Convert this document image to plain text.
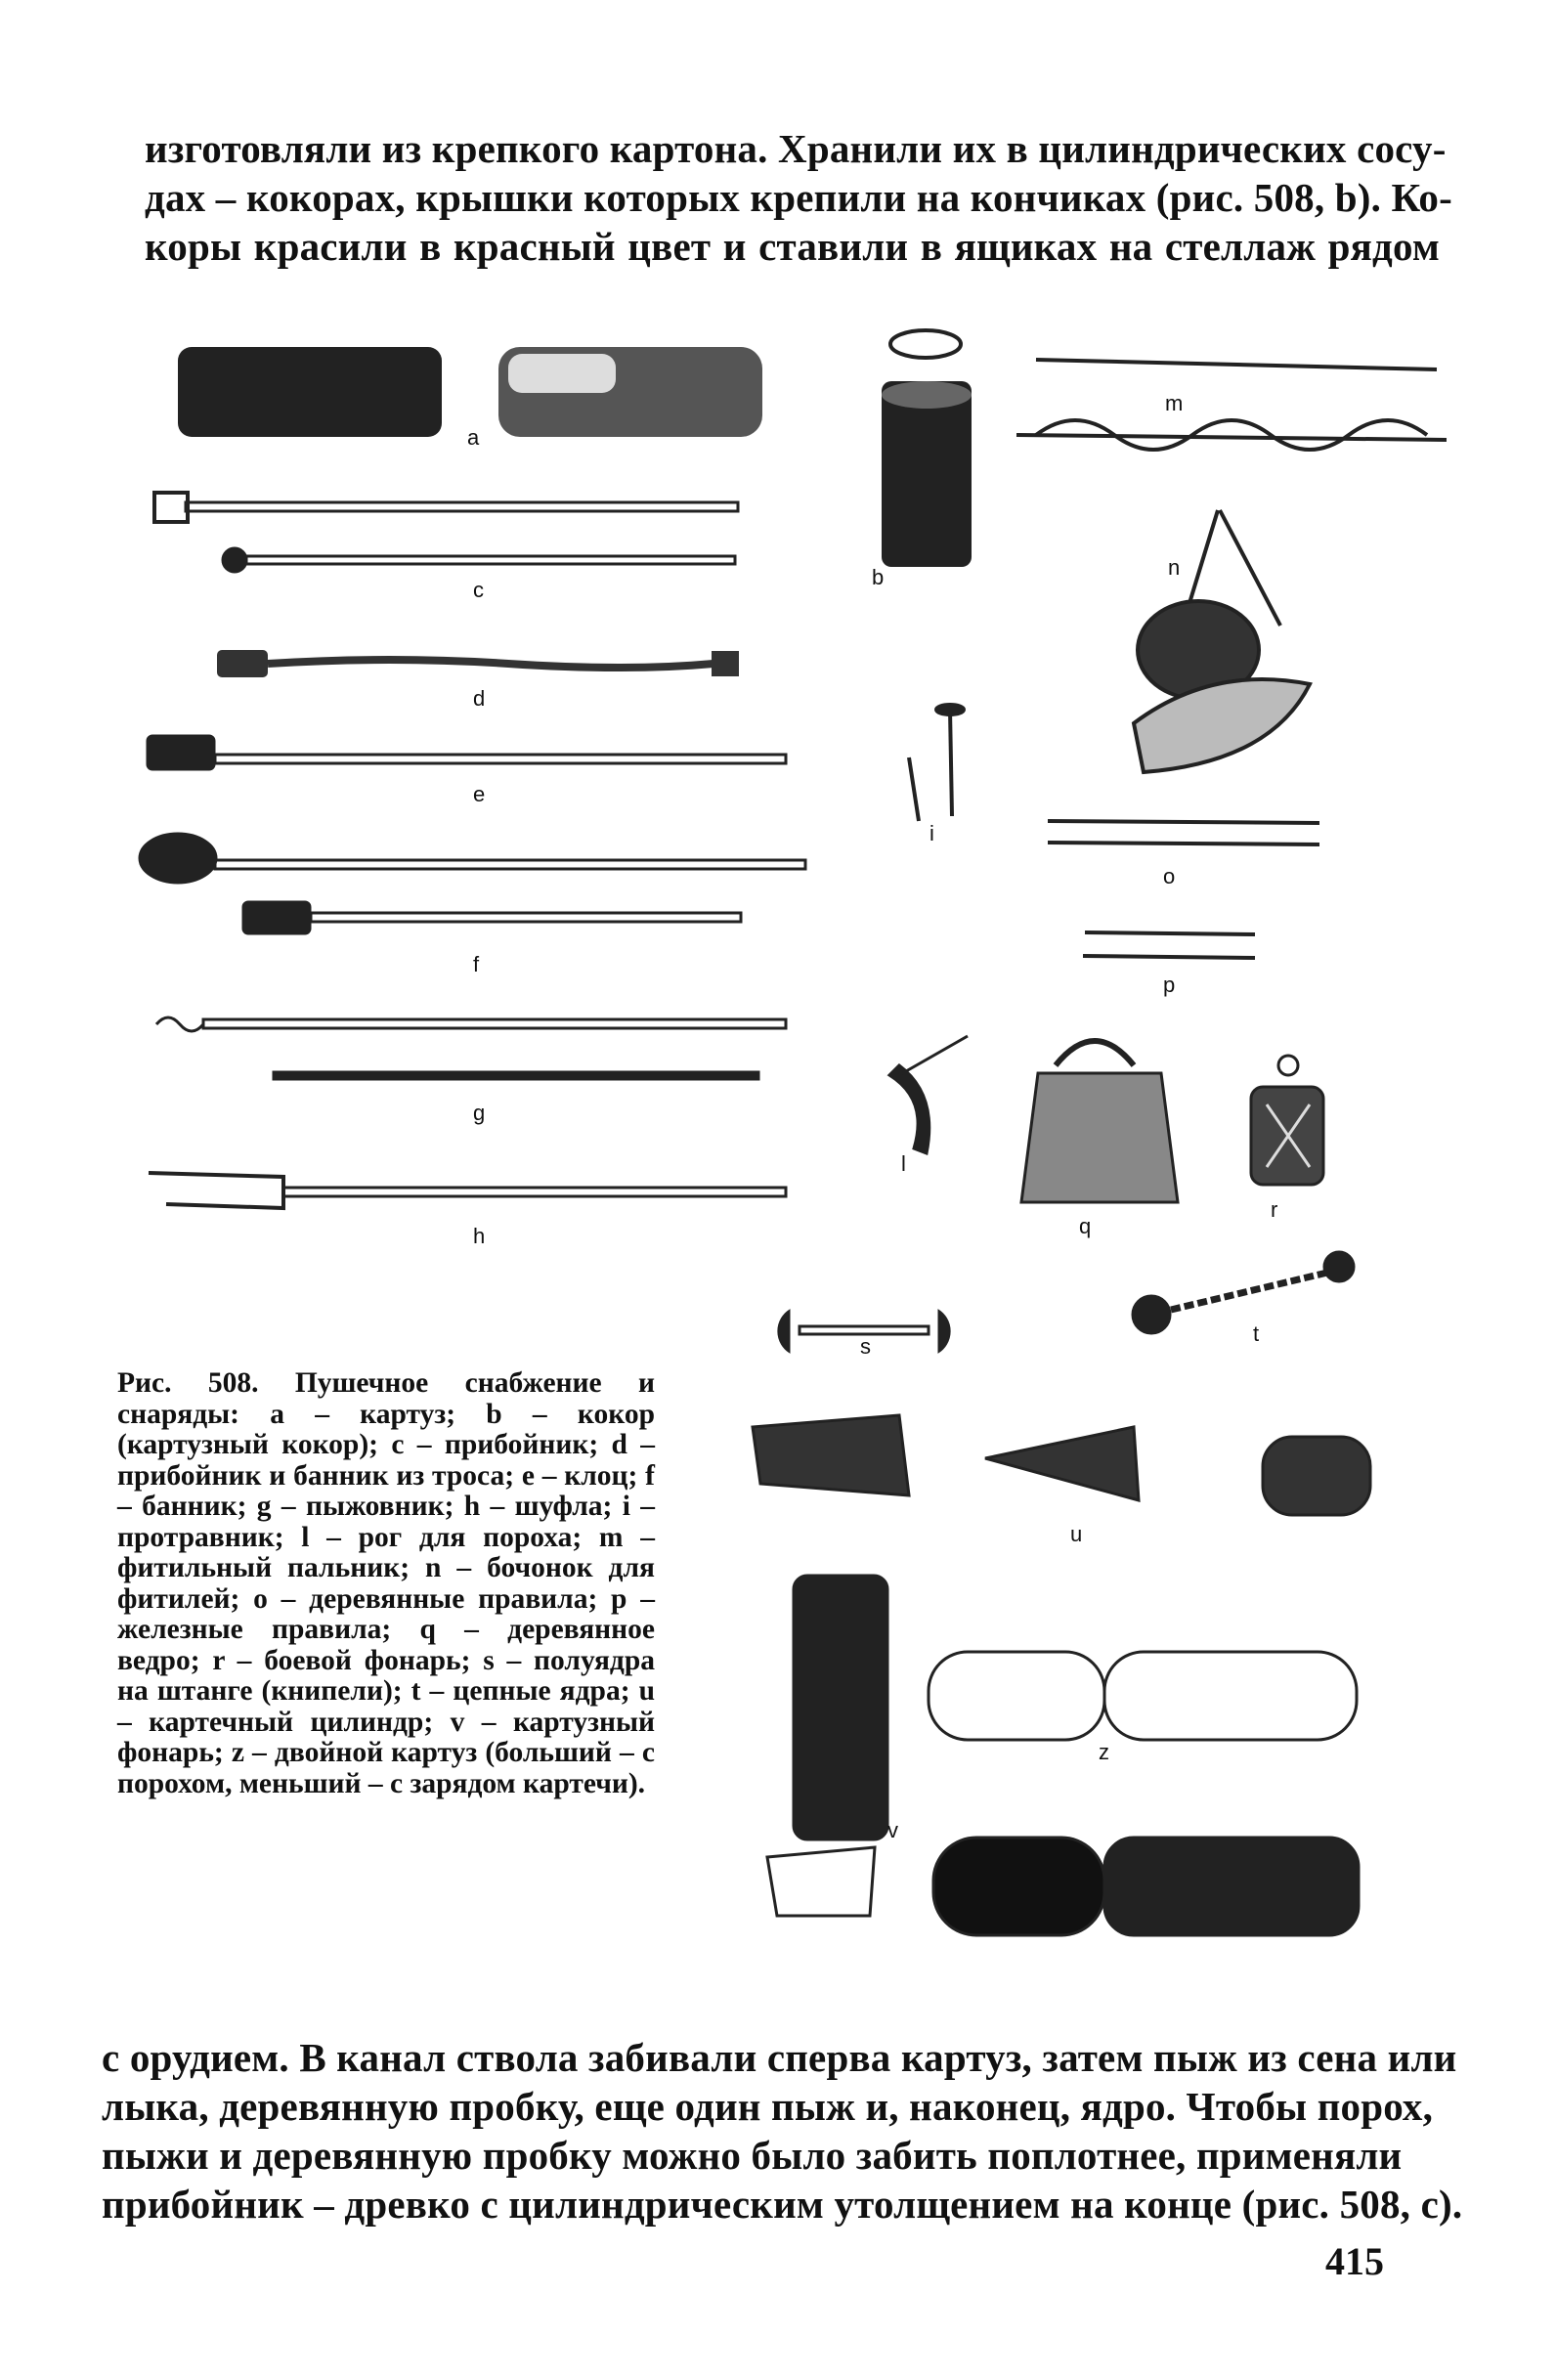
изготовляли из крепкого картона. Хранили их в цилиндрических сосу-
дах – кокорах, крышки которых крепили на кончиках (рис. 508, b). Ко-
коры красили в красный цвет и ставили в ящиках на стеллаж рядом
a
c
d
e
f
g
h
b
m
n
i
o
p
l
q
r
s
t
u
v
z
Рис. 508. Пушечное снабжение и снаряды: a – картуз; b – кокор (картузный кокор); c – прибойник; d – прибойник и банник из троса; e – клоц; f – банник; g – пыжовник; h – шуфла; i – протравник; l – рог для пороха; m – фитильный пальник; n – бочонок для фитилей; o – деревянные правила; p – железные правила; q – деревянное ведро; r – боевой фонарь; s – полуядра на штанге (книпели); t – цепные ядра; u – картечный цилиндр; v – картузный фонарь; z – двойной картуз (больший – с порохом, меньший – с зарядом картечи).
с орудием. В канал ствола забивали сперва картуз, затем пыж из сена или
лыка, деревянную пробку, еще один пыж и, наконец, ядро. Чтобы порох,
пыжи и деревянную пробку можно было забить поплотнее, применяли
прибойник – древко с цилиндрическим утолщением на конце (рис. 508, c).
415
